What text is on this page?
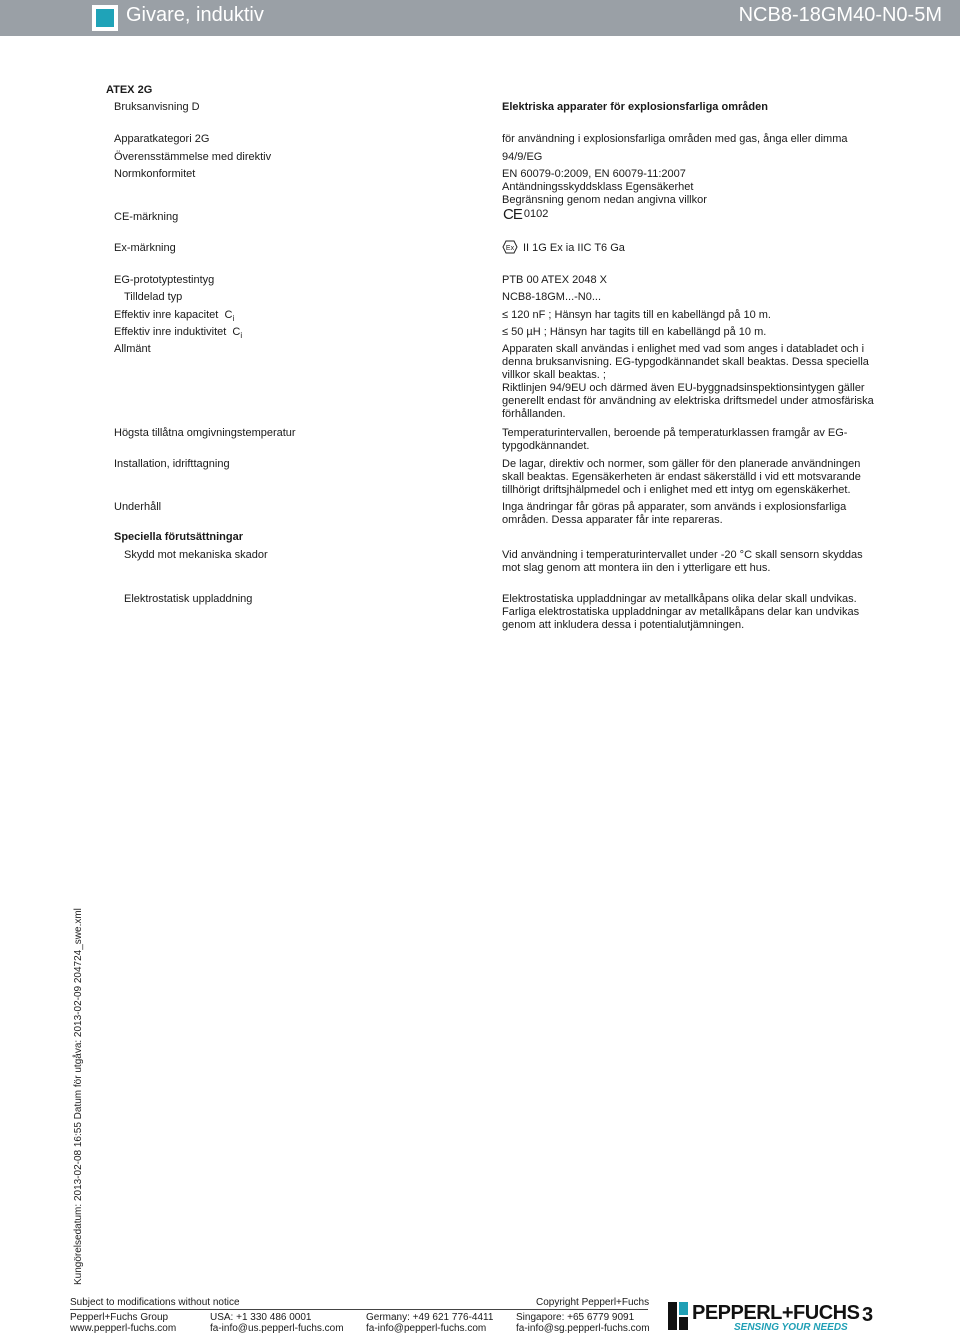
Givare, induktiv	NCB8-18GM40-N0-5M
ATEX 2G
Bruksanvisning D	Elektriska apparater för explosionsfarliga områden
Apparatkategori 2G	för användning i explosionsfarliga områden med gas, ånga eller dimma
Överensstämmelse med direktiv	94/9/EG
Normkonformitet	EN 60079-0:2009, EN 60079-11:2007
Antändningsskyddsklass Egensäkerhet
Begränsning genom nedan angivna villkor
CE-märkning	CE 0102
Ex-märkning	Ex II 1G Ex ia IIC T6 Ga
EG-prototyptestintyg	PTB 00 ATEX 2048 X
Tilldelad typ	NCB8-18GM...-N0...
Effektiv inre kapacitet $C_i$	≤ 120 nF ; Hänsyn har tagits till en kabellängd på 10 m.
Effektiv inre induktivitet $C_i$	≤ 50 µH ; Hänsyn har tagits till en kabellängd på 10 m.
Allmänt	Apparaten skall användas i enlighet med vad som anges i databladet och i denna bruksanvisning. EG-typgodkännandet skall beaktas. Dessa speciella villkor skall beaktas. ;
Riktlinjen 94/9EU och därmed även EU-byggnadsinspektionsintygen gäller generellt endast för användning av elektriska driftsmedel under atmosfäriska förhållanden.
Högsta tillåtna omgivningstemperatur	Temperaturintervallen, beroende på temperaturklassen framgår av EG-typgodkännandet.
Installation, idrifttagning	De lagar, direktiv och normer, som gäller för den planerade användningen skall beaktas. Egensäkerheten är endast säkerställd i vid ett motsvarande tillhörigt driftsjhälpmedel och i enlighet med ett intyg om egenskäkerhet.
Underhåll	Inga ändringar får göras på apparater, som används i explosionsfarliga områden. Dessa apparater får inte repareras.
Speciella förutsättningar
Skydd mot mekaniska skador	Vid användning i temperaturintervallet under -20 °C skall sensorn skyddas mot slag genom att montera iin den i ytterligare ett hus.
Elektrostatisk uppladdning	Elektrostatiska uppladdningar av metallkåpans olika delar skall undvikas. Farliga elektrostatiska uppladdningar av metallkåpans delar kan undvikas genom att inkludera dessa i potentialutjämningen.
Kungörelsedatum: 2013-02-08 16:55 Datum för utgåva: 2013-02-09 204724_swe.xml
Subject to modifications without notice	Copyright Pepperl+Fuchs
Pepperl+Fuchs Group
www.pepperl-fuchs.com
USA: +1 330 486 0001
fa-info@us.pepperl-fuchs.com
Germany: +49 621 776-4411
fa-info@pepperl-fuchs.com
Singapore: +65 6779 9091
fa-info@sg.pepperl-fuchs.com
PEPPERL+FUCHS
SENSING YOUR NEEDS
3
